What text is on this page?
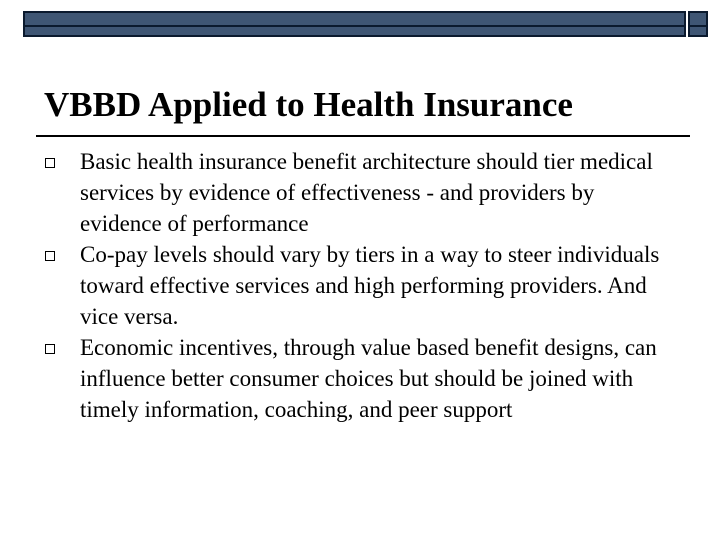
VBBD Applied to Health Insurance
Basic health insurance benefit architecture should tier medical services by evidence of effectiveness - and providers by evidence of performance
Co-pay levels should vary by tiers in a way to steer individuals toward effective services and high performing providers. And vice versa.
Economic incentives, through value based benefit designs, can influence better consumer choices but should be joined with timely information, coaching, and peer support
